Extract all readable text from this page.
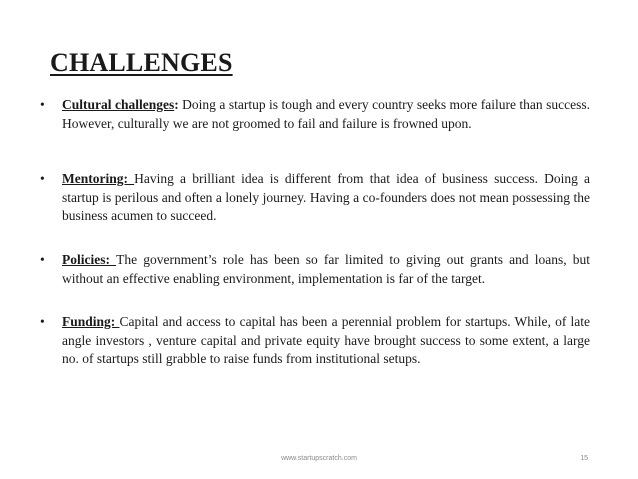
CHALLENGES
• Cultural challenges: Doing a startup is tough and every country seeks more failure than success. However, culturally we are not groomed to fail and failure is frowned upon.
• Mentoring: Having a brilliant idea is different from that idea of business success. Doing a startup is perilous and often a lonely journey. Having a co-founders does not mean possessing the business acumen to succeed.
• Policies: The government’s role has been so far limited to giving out grants and loans, but without an effective enabling environment, implementation is far of the target.
• Funding: Capital and access to capital has been a perennial problem for startups. While, of late angle investors , venture capital and private equity have brought success to some extent, a large no. of startups still grabble to raise funds from institutional setups.
www.startupscratch.com	15
